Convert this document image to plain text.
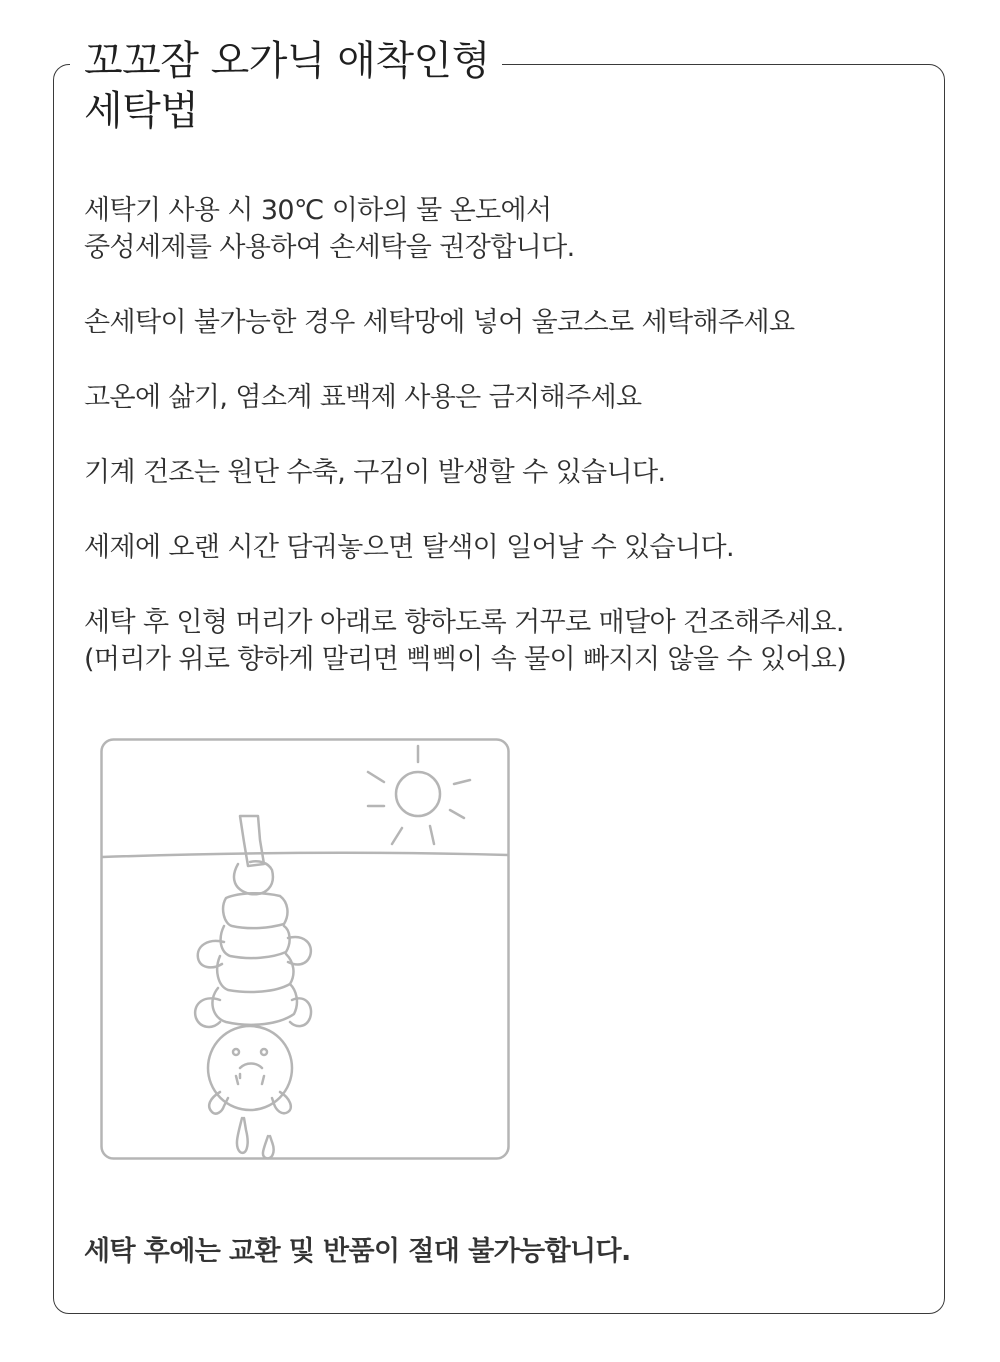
꼬꼬잠 오가닉 애착인형
세탁법
세탁기 사용 시 30℃ 이하의 물 온도에서
중성세제를 사용하여 손세탁을 권장합니다.
손세탁이 불가능한 경우 세탁망에 넣어 울코스로 세탁해주세요
고온에 삶기, 염소계 표백제 사용은 금지해주세요
기계 건조는 원단 수축, 구김이 발생할 수 있습니다.
세제에 오랜 시간 담궈놓으면 탈색이 일어날 수 있습니다.
세탁 후 인형 머리가 아래로 향하도록 거꾸로 매달아 건조해주세요.
(머리가 위로 향하게 말리면 삑삑이 속 물이 빠지지 않을 수 있어요)
세탁 후에는 교환 및 반품이 절대 불가능합니다.
